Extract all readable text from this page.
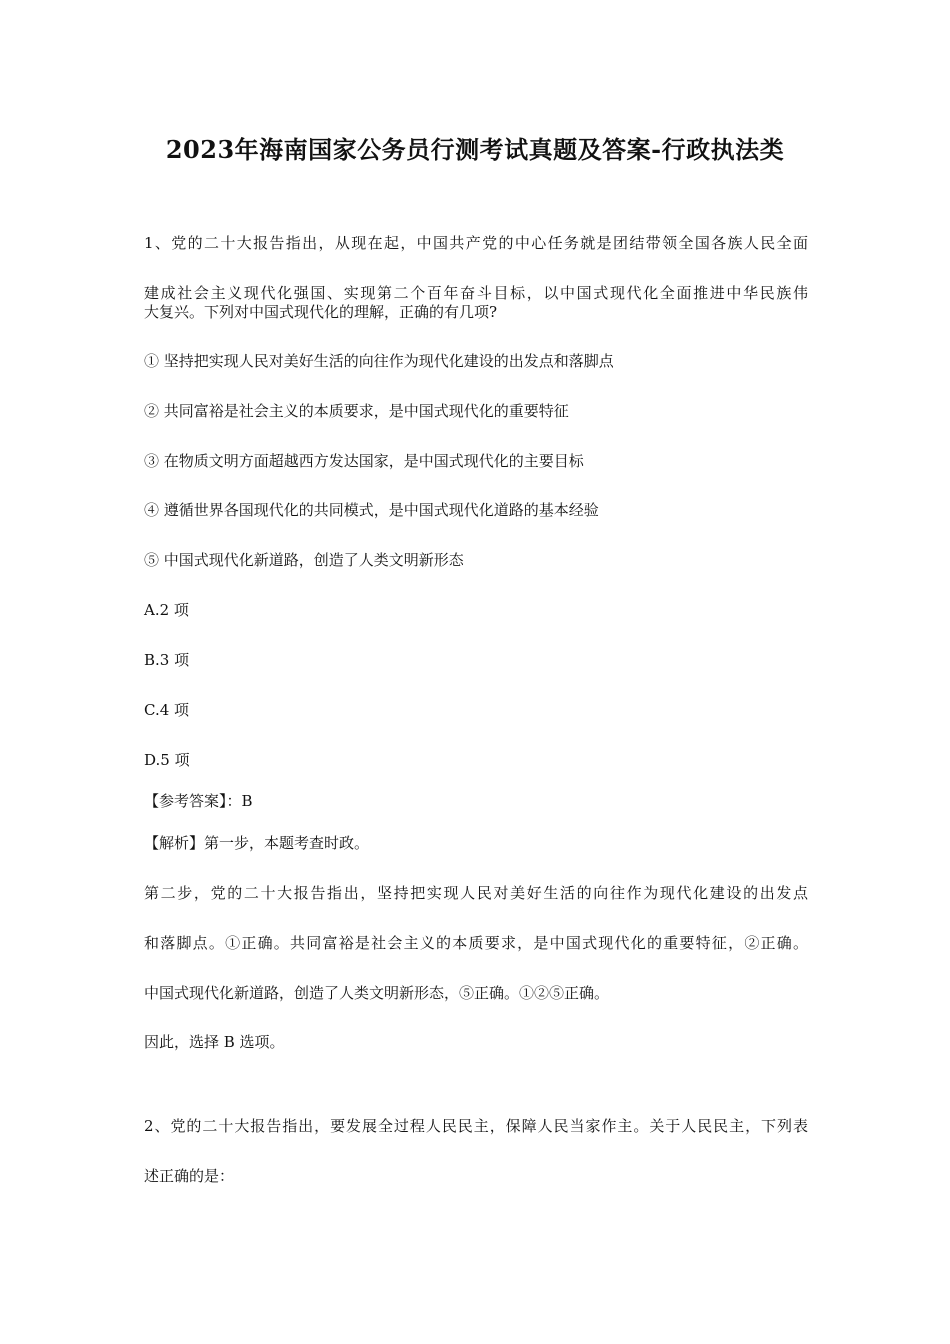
2023年海南国家公务员行测考试真题及答案-行政执法类
1、党的二十大报告指出，从现在起，中国共产党的中心任务就是团结带领全国各族人民全面
建成社会主义现代化强国、实现第二个百年奋斗目标，以中国式现代化全面推进中华民族伟
大复兴。下列对中国式现代化的理解，正确的有几项?
① 坚持把实现人民对美好生活的向往作为现代化建设的出发点和落脚点
② 共同富裕是社会主义的本质要求，是中国式现代化的重要特征
③ 在物质文明方面超越西方发达国家，是中国式现代化的主要目标
④ 遵循世界各国现代化的共同模式，是中国式现代化道路的基本经验
⑤ 中国式现代化新道路，创造了人类文明新形态
A.2 项
B.3 项
C.4 项
D.5 项
【参考答案】：B
【解析】第一步，本题考查时政。
第二步，党的二十大报告指出，坚持把实现人民对美好生活的向往作为现代化建设的出发点
和落脚点。①正确。共同富裕是社会主义的本质要求，是中国式现代化的重要特征，②正确。
中国式现代化新道路，创造了人类文明新形态，⑤正确。①②⑤正确。
因此，选择 B 选项。
2、党的二十大报告指出，要发展全过程人民民主，保障人民当家作主。关于人民民主，下列表
述正确的是：
